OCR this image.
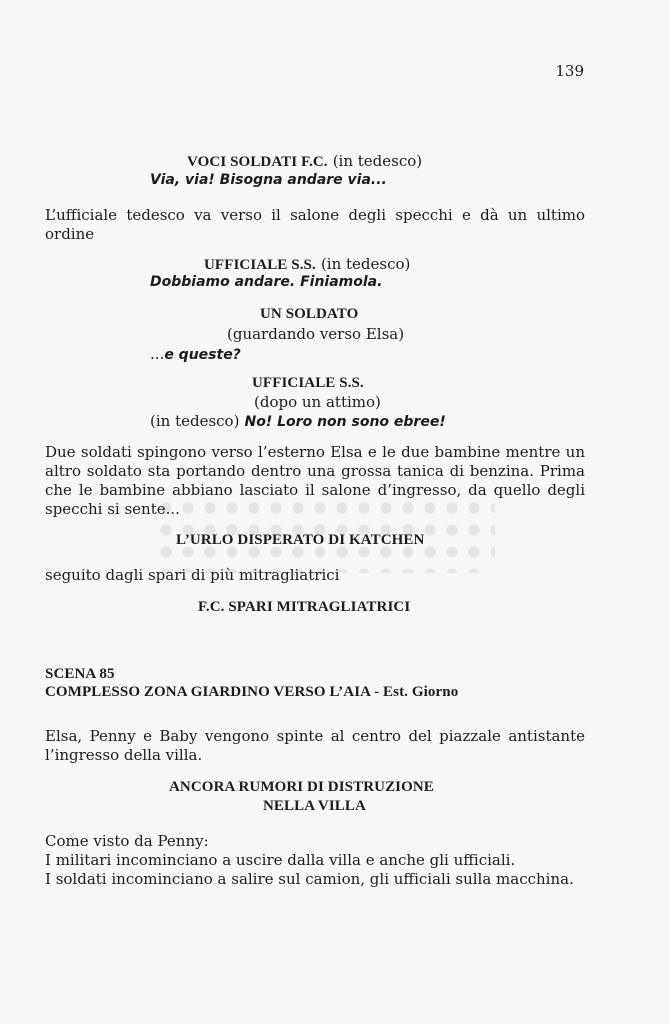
139
VOCI SOLDATI F.C. (in tedesco)
Via, via! Bisogna andare via...
L’ufficiale tedesco va verso il salone degli specchi e dà un ultimo ordine
UFFICIALE S.S. (in tedesco)
Dobbiamo andare. Finiamola.
UN SOLDATO
(guardando verso Elsa)
...e queste?
UFFICIALE S.S.
(dopo un attimo)
(in tedesco) No! Loro non sono ebree!
Due soldati spingono verso l’esterno Elsa e le due bambine mentre un altro soldato sta portando dentro una grossa tanica di benzina. Prima che le bambine abbiano lasciato il salone d’ingresso, da quello degli specchi si sente...
L’URLO DISPERATO DI KATCHEN
seguito dagli spari di più mitragliatrici
F.C. SPARI MITRAGLIATRICI
SCENA 85
COMPLESSO ZONA GIARDINO VERSO L’AIA - Est. Giorno
Elsa, Penny e Baby vengono spinte al centro del piazzale antistante l’ingresso della villa.
ANCORA RUMORI DI DISTRUZIONE
NELLA VILLA
Come visto da Penny:
I militari incominciano a uscire dalla villa e anche gli ufficiali.
I soldati incominciano a salire sul camion, gli ufficiali sulla macchina.
